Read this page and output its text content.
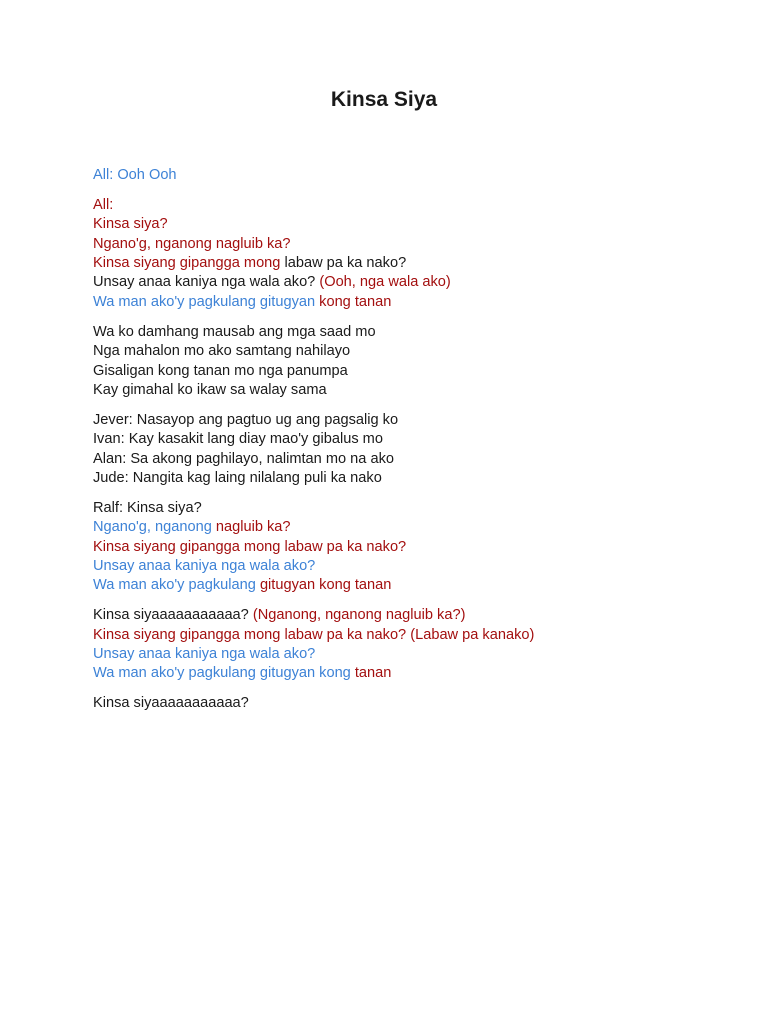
Kinsa Siya
All: Ooh Ooh
All:
Kinsa siya?
Ngano'g, nganong nagluib ka?
Kinsa siyang gipangga mong labaw pa ka nako?
Unsay anaa kaniya nga wala ako? (Ooh, nga wala ako)
Wa man ako'y pagkulang gitugyan kong tanan
Wa ko damhang mausab ang mga saad mo
Nga mahalon mo ako samtang nahilayo
Gisaligan kong tanan mo nga panumpa
Kay gimahal ko ikaw sa walay sama
Jever: Nasayop ang pagtuo ug ang pagsalig ko
Ivan: Kay kasakit lang diay mao'y gibalus mo
Alan: Sa akong paghilayo, nalimtan mo na ako
Jude: Nangita kag laing nilalang puli ka nako
Ralf: Kinsa siya?
Ngano'g, nganong nagluib ka?
Kinsa siyang gipangga mong labaw pa ka nako?
Unsay anaa kaniya nga wala ako?
Wa man ako'y pagkulang gitugyan kong tanan
Kinsa siyaaaaaaaaaaa? (Nganong, nganong nagluib ka?)
Kinsa siyang gipangga mong labaw pa ka nako? (Labaw pa kanako)
Unsay anaa kaniya nga wala ako?
Wa man ako'y pagkulang gitugyan kong tanan
Kinsa siyaaaaaaaaaaa?
